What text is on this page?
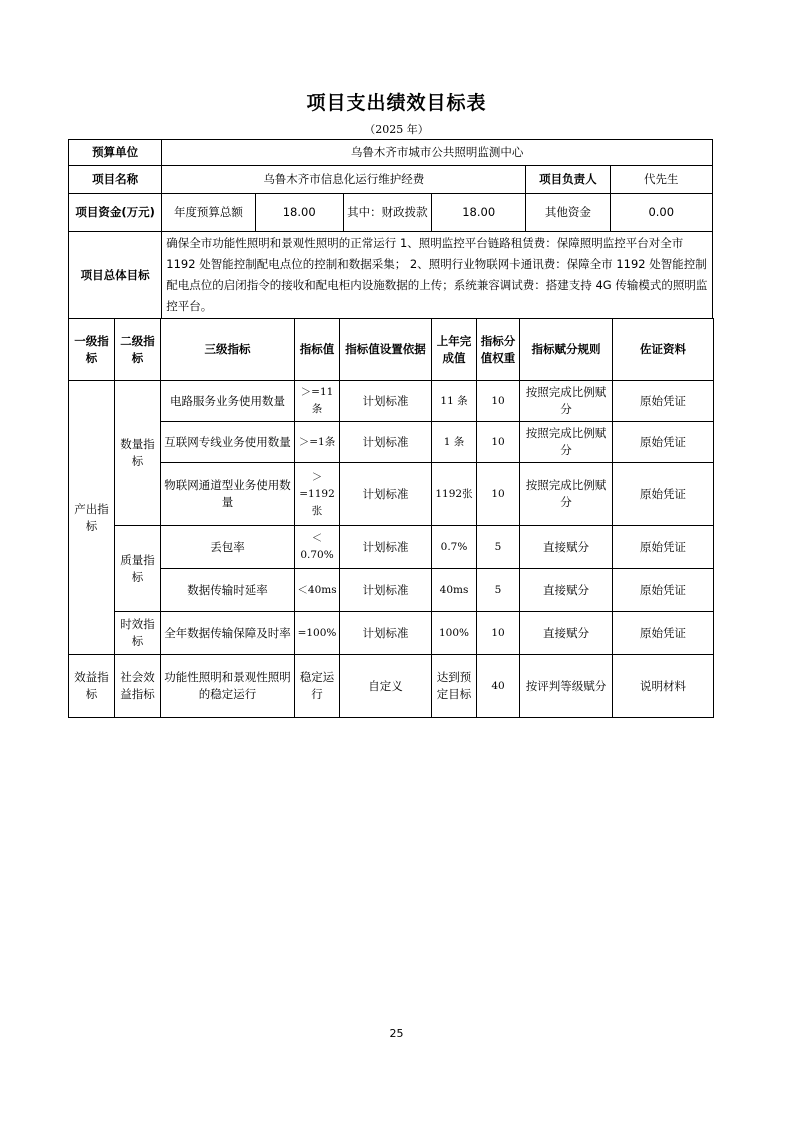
项目支出绩效目标表
（2025 年）
预算单位	乌鲁木齐市城市公共照明监测中心					
项目名称	乌鲁木齐市信息化运行维护经费				项目负责人	代先生
项目资金(万元)	年度预算总额	18.00	其中：财政拨款	18.00	其他资金	0.00
项目总体目标	确保全市功能性照明和景观性照明的正常运行 1、照明监控平台链路租赁费：保障照明监控平台对全市 1192 处智能控制配电点位的控制和数据采集； 2、照明行业物联网卡通讯费：保障全市 1192 处智能控制配电点位的启闭指令的接收和配电柜内设施数据的上传；系统兼容调试费：搭建支持 4G 传输模式的照明监控平台。					
一级指标	二级指标	三级指标	指标值	指标值设置依据	上年完成值	指标分值权重	指标赋分规则	佐证资料
产出指标	数量指标	电路服务业务使用数量	＞=11条	计划标准	11 条	10	按照完成比例赋分	原始凭证
		互联网专线业务使用数量	＞=1条	计划标准	1 条	10	按照完成比例赋分	原始凭证
		物联网通道型业务使用数量	＞=1192张	计划标准	1192张	10	按照完成比例赋分	原始凭证
	质量指标	丢包率	＜0.70%	计划标准	0.7%	5	直接赋分	原始凭证
		数据传输时延率	＜40ms	计划标准	40ms	5	直接赋分	原始凭证
	时效指标	全年数据传输保障及时率	=100%	计划标准	100%	10	直接赋分	原始凭证
效益指标	社会效益指标	功能性照明和景观性照明的稳定运行	稳定运行	自定义	达到预定目标	40	按评判等级赋分	说明材料
25
